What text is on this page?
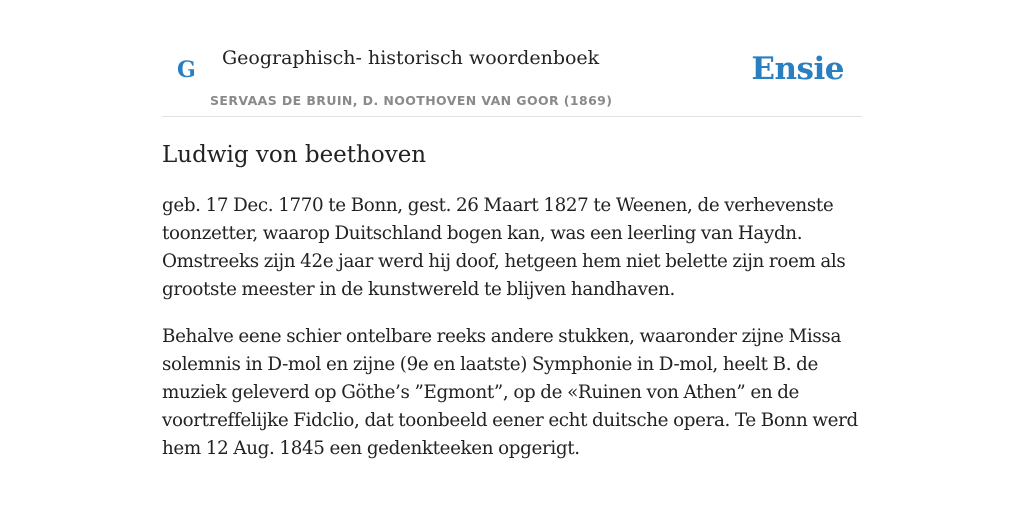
G Geographisch- historisch woordenboek
SERVAAS DE BRUIN, D. NOOTHOVEN VAN GOOR (1869)
Ensie
Ludwig von beethoven

geb. 17 Dec. 1770 te Bonn, gest. 26 Maart 1827 te Weenen, de verhevenste toonzetter, waarop Duitschland bogen kan, was een leerling van Haydn. Omstreeks zijn 42e jaar werd hij doof, hetgeen hem niet belette zijn roem als grootste meester in de kunstwereld te blijven handhaven.

Behalve eene schier ontelbare reeks andere stukken, waaronder zijne Missa solemnis in D-mol en zijne (9e en laatste) Symphonie in D-mol, heelt B. de muziek geleverd op Göthe’s ”Egmont”, op de «Ruinen von Athen” en de voortreffelijke Fidclio, dat toonbeeld eener echt duitsche opera. Te Bonn werd hem 12 Aug. 1845 een gedenkteeken opgerigt.
